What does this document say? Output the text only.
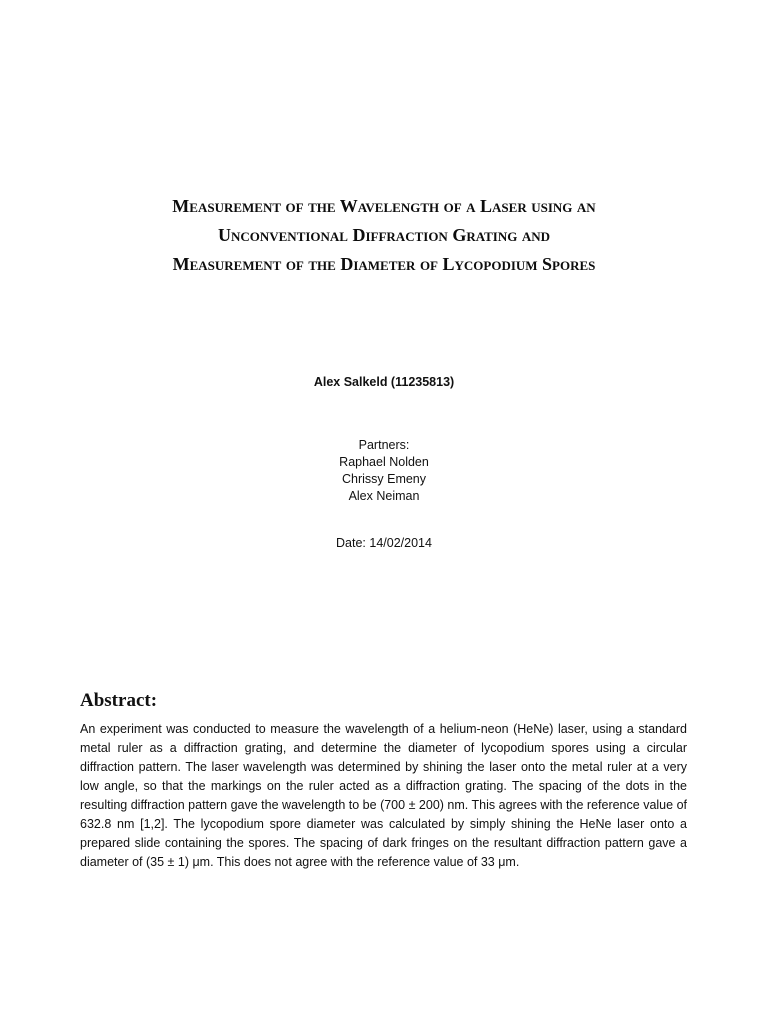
Measurement of the Wavelength of a Laser using an
Unconventional Diffraction Grating and
Measurement of the Diameter of Lycopodium Spores
Alex Salkeld (11235813)
Partners:
Raphael Nolden
Chrissy Emeny
Alex Neiman
Date: 14/02/2014
Abstract:

An experiment was conducted to measure the wavelength of a helium-neon (HeNe) laser, using a standard metal ruler as a diffraction grating, and determine the diameter of lycopodium spores using a circular diffraction pattern. The laser wavelength was determined by shining the laser onto the metal ruler at a very low angle, so that the markings on the ruler acted as a diffraction grating. The spacing of the dots in the resulting diffraction pattern gave the wavelength to be (700 ± 200) nm. This agrees with the reference value of 632.8 nm [1,2]. The lycopodium spore diameter was calculated by simply shining the HeNe laser onto a prepared slide containing the spores. The spacing of dark fringes on the resultant diffraction pattern gave a diameter of (35 ± 1) μm. This does not agree with the reference value of 33 μm.
